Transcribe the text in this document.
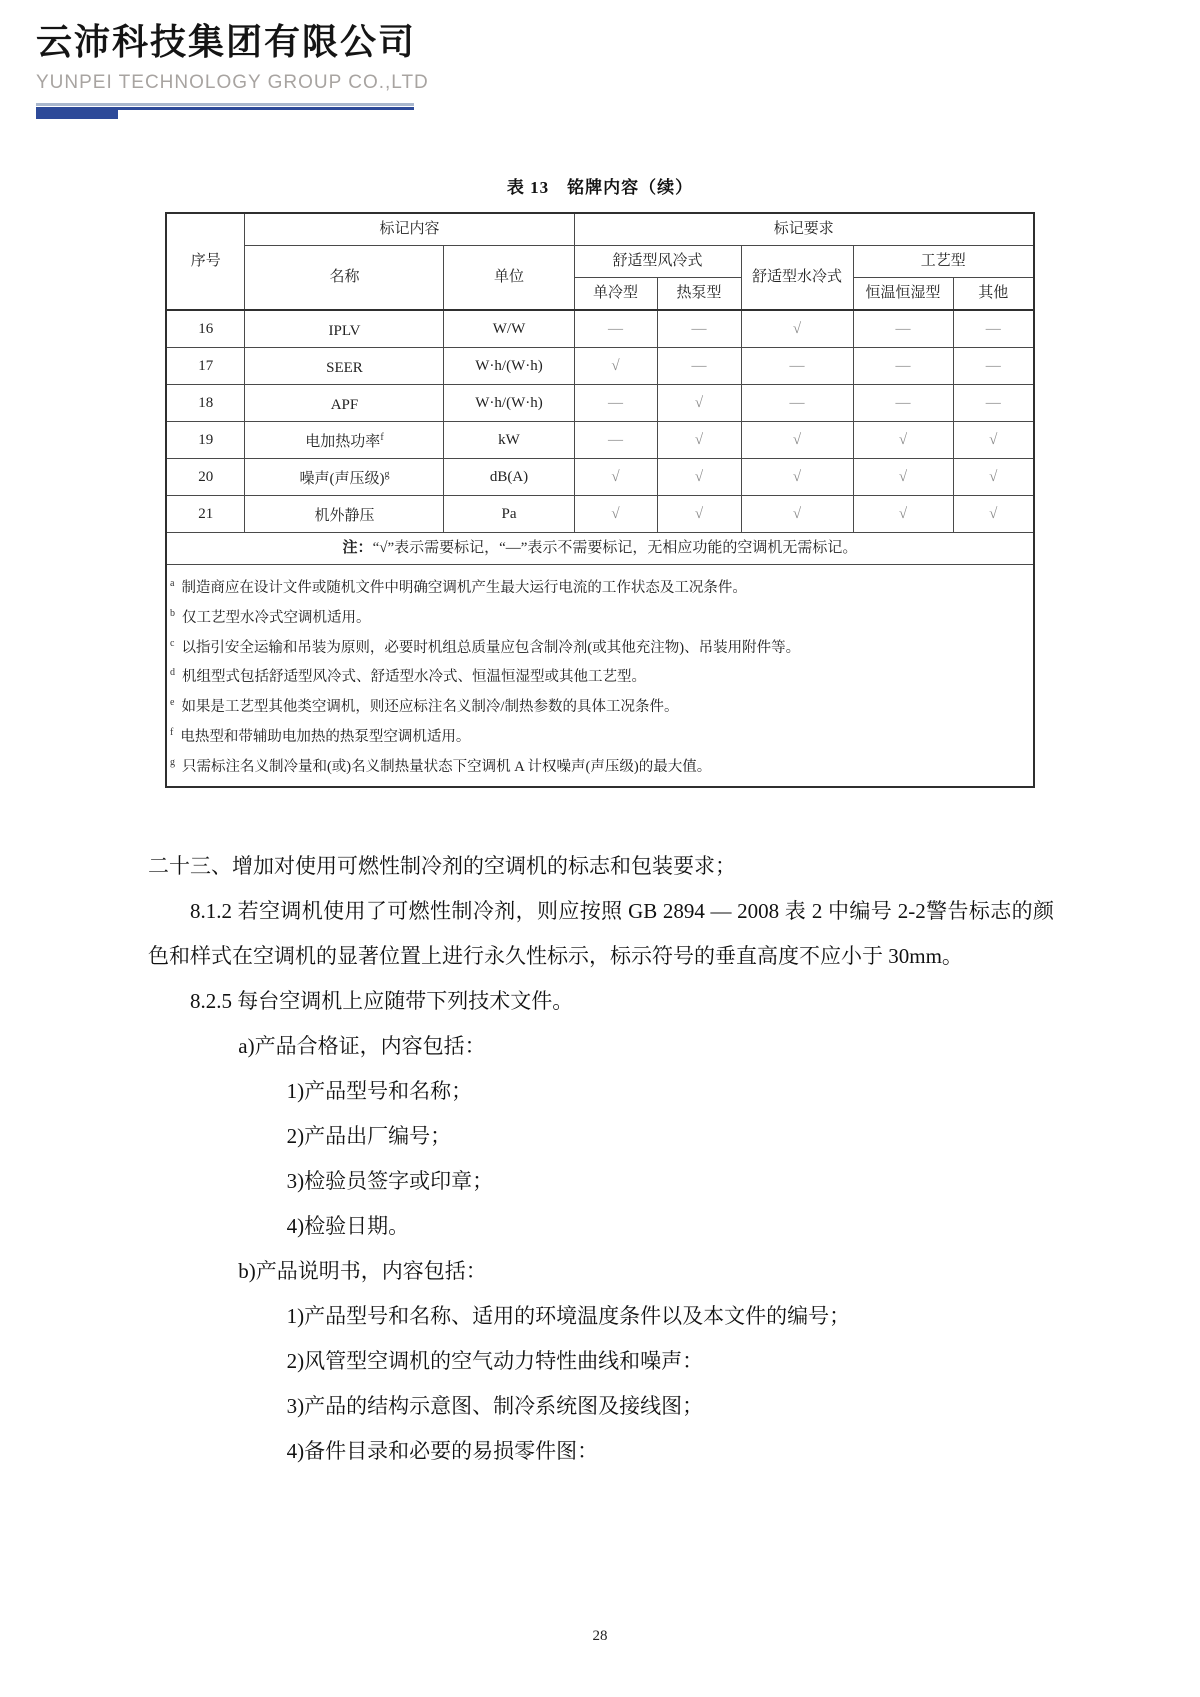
云沛科技集团有限公司
YUNPEI TECHNOLOGY GROUP CO.,LTD
表 13　铭牌内容（续）
序号	标记内容		标记要求				
	名称	单位	舒适型风冷式		舒适型水冷式	工艺型	
			单冷型	热泵型		恒温恒湿型	其他
16	IPLV	W/W	—	—	√	—	—
17	SEER	W·h/(W·h)	√	—	—	—	—
18	APF	W·h/(W·h)	—	√	—	—	—
19	电加热功率$^f$	kW	—	√	√	√	√
20	噪声(声压级)$^g$	dB(A)	√	√	√	√	√
21	机外静压	Pa	√	√	√	√	√
注：“√”表示需要标记，“—”表示不需要标记，无相应功能的空调机无需标记。							

$^a$ 制造商应在设计文件或随机文件中明确空调机产生最大运行电流的工作状态及工况条件。
$^b$ 仅工艺型水冷式空调机适用。
$^c$ 以指引安全运输和吊装为原则，必要时机组总质量应包含制冷剂(或其他充注物)、吊装用附件等。
$^d$ 机组型式包括舒适型风冷式、舒适型水冷式、恒温恒湿型或其他工艺型。
$^e$ 如果是工艺型其他类空调机，则还应标注名义制冷/制热参数的具体工况条件。
$^f$ 电热型和带辅助电加热的热泵型空调机适用。
$^g$ 只需标注名义制冷量和(或)名义制热量状态下空调机 A 计权噪声(声压级)的最大值。

二十三、增加对使用可燃性制冷剂的空调机的标志和包装要求；

8.1.2 若空调机使用了可燃性制冷剂，则应按照 GB 2894 — 2008 表 2 中编号 2-2警告标志的颜色和样式在空调机的显著位置上进行永久性标示，标示符号的垂直高度不应小于 30mm。

8.2.5 每台空调机上应随带下列技术文件。

a)产品合格证，内容包括：

1)产品型号和名称；

2)产品出厂编号；

3)检验员签字或印章；

4)检验日期。

b)产品说明书，内容包括：

1)产品型号和名称、适用的环境温度条件以及本文件的编号；

2)风管型空调机的空气动力特性曲线和噪声：

3)产品的结构示意图、制冷系统图及接线图；

4)备件目录和必要的易损零件图：

28
